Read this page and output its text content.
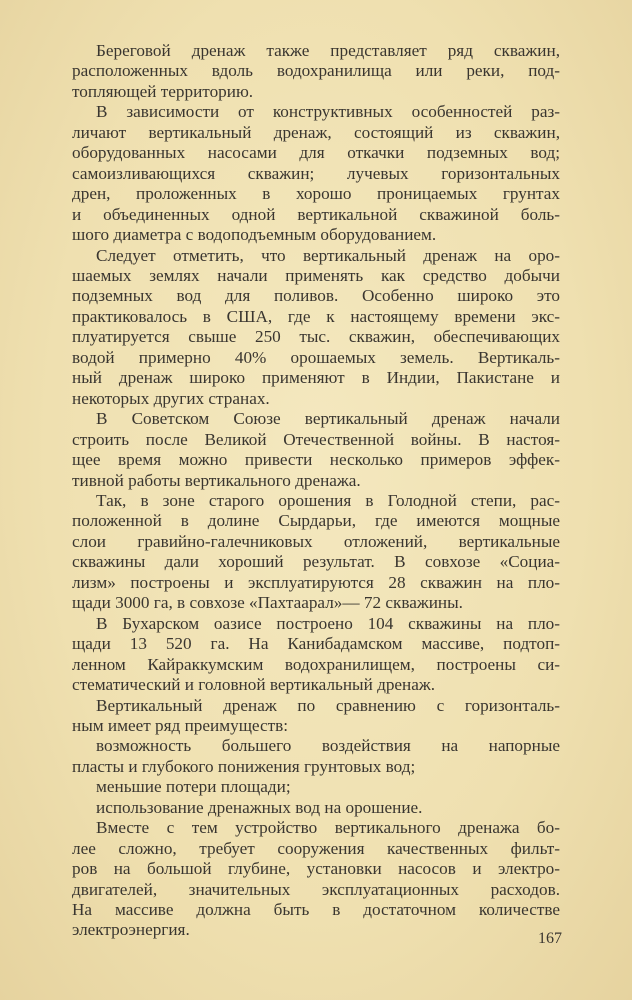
Береговой дренаж также представляет ряд скважин,
расположенных вдоль водохранилища или реки, под-
топляющей территорию.
В зависимости от конструктивных особенностей раз-
личают вертикальный дренаж, состоящий из скважин,
оборудованных насосами для откачки подземных вод;
самоизливающихся скважин; лучевых горизонтальных
дрен, проложенных в хорошо проницаемых грунтах
и объединенных одной вертикальной скважиной боль-
шого диаметра с водоподъемным оборудованием.
Следует отметить, что вертикальный дренаж на оро-
шаемых землях начали применять как средство добычи
подземных вод для поливов. Особенно широко это
практиковалось в США, где к настоящему времени экс-
плуатируется свыше 250 тыс. скважин, обеспечивающих
водой примерно 40% орошаемых земель. Вертикаль-
ный дренаж широко применяют в Индии, Пакистане и
некоторых других странах.
В Советском Союзе вертикальный дренаж начали
строить после Великой Отечественной войны. В настоя-
щее время можно привести несколько примеров эффек-
тивной работы вертикального дренажа.
Так, в зоне старого орошения в Голодной степи, рас-
положенной в долине Сырдарьи, где имеются мощные
слои гравийно-галечниковых отложений, вертикальные
скважины дали хороший результат. В совхозе «Социа-
лизм» построены и эксплуатируются 28 скважин на пло-
щади 3000 га, в совхозе «Пахтаарал»— 72 скважины.
В Бухарском оазисе построено 104 скважины на пло-
щади 13 520 га. На Канибадамском массиве, подтоп-
ленном Кайраккумским водохранилищем, построены си-
стематический и головной вертикальный дренаж.
Вертикальный дренаж по сравнению с горизонталь-
ным имеет ряд преимуществ:
возможность большего воздействия на напорные
пласты и глубокого понижения грунтовых вод;
меньшие потери площади;
использование дренажных вод на орошение.
Вместе с тем устройство вертикального дренажа бо-
лее сложно, требует сооружения качественных фильт-
ров на большой глубине, установки насосов и электро-
двигателей, значительных эксплуатационных расходов.
На массиве должна быть в достаточном количестве
электроэнергия.	167
